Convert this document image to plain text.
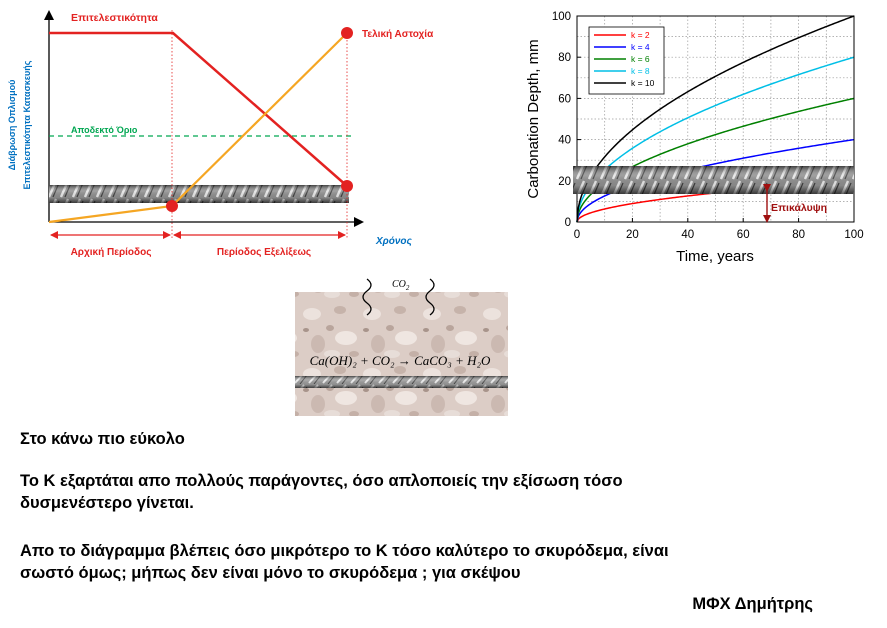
Διάβρωση Οπλισμού Επιτελεστικότητα Κατασκευής	Αποδεκτό Όριο
Επιτελεστικότητα
Τελική Αστοχία
Χρόνος
Αρχική Περίοδος	Περίοδος Εξελίξεως
0	20	40	60	80	100
0
20
40
60
80
100
Carbonation Depth, mm
Time, years
k = 2
k = 4
k = 6
k = 8
k = 10
Επικάλυψη
$CO_2$
Ca(OH)₂ + CO₂ → CaCO₃ + H₂O
Στο κάνω πιο εύκολο
Το Κ εξαρτάται απο πολλούς παράγοντες, όσο απλοποιείς την εξίσωση τόσο
δυσμενέστερο γίνεται.
Απο το διάγραμμα βλέπεις όσο μικρότερο το Κ τόσο καλύτερο το σκυρόδεμα, είναι
σωστό όμως; μήπως δεν είναι μόνο το σκυρόδεμα ; για σκέψου
ΜΦΧ Δημήτρης
